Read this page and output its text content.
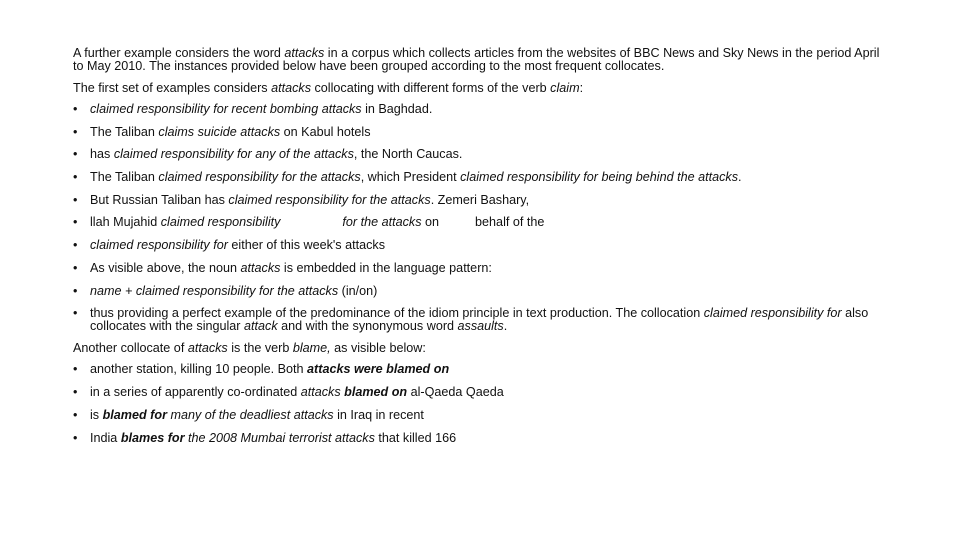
A further example considers the word attacks in a corpus which collects articles from the websites of BBC News and Sky News in the period April to May 2010. The instances provided below have been grouped according to the most frequent collocates.

The first set of examples considers attacks collocating with different forms of the verb claim:

• claimed responsibility for recent bombing attacks in Baghdad.
• The Taliban claims suicide attacks on Kabul hotels
• has claimed responsibility for any of the attacks, the North Caucas.
• The Taliban claimed responsibility for the attacks, which President claimed responsibility for being behind the attacks.
• But Russian Taliban has claimed responsibility for the attacks. Zemeri Bashary,
• llah Mujahid claimed responsibility	for the attacks on	behalf of the
• claimed responsibility for either of this week's attacks
• As visible above, the noun attacks is embedded in the language pattern:
• name + claimed responsibility for the attacks (in/on)
• thus providing a perfect example of the predominance of the idiom principle in text production. The collocation claimed responsibility for also collocates with the singular attack and with the synonymous word assaults.

Another collocate of attacks is the verb blame, as visible below:

• another station, killing 10 people. Both attacks were blamed on
• in a series of apparently co-ordinated attacks blamed on al-Qaeda Qaeda
• is blamed for many of the deadliest attacks in Iraq in recent
• India blames for the 2008 Mumbai terrorist attacks that killed 166
